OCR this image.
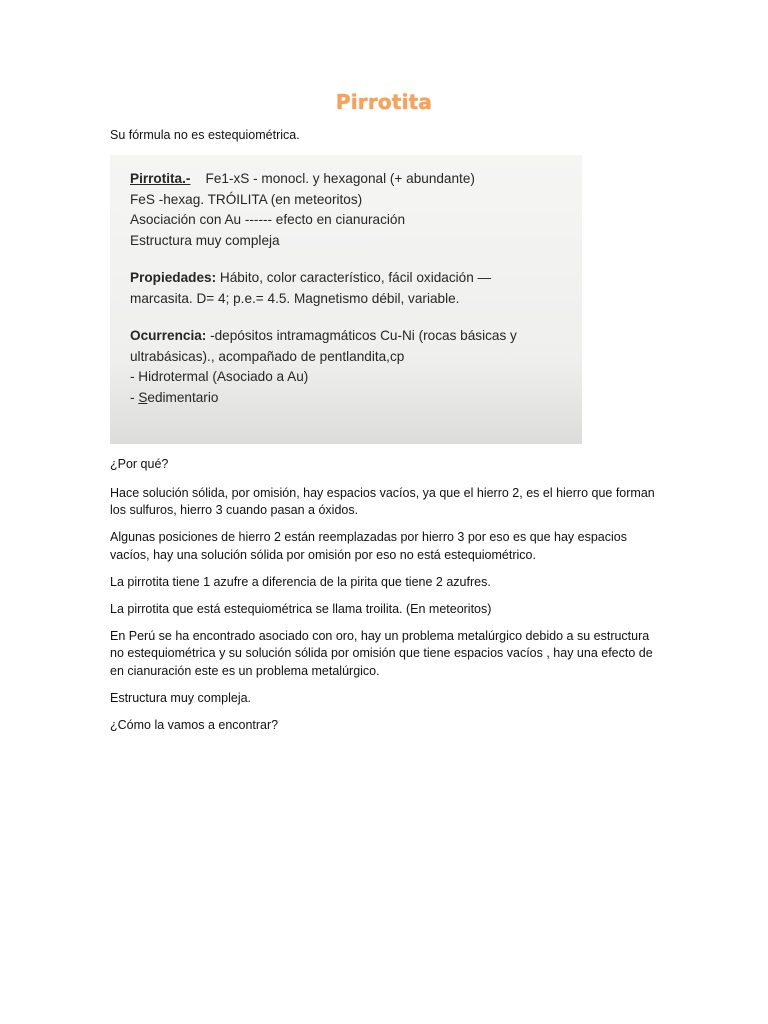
Pirrotita
Su fórmula no es estequiométrica.
Pirrotita.- Fe1-xS - monocl. y hexagonal (+ abundante)
FeS -hexag. TRÓILITA (en meteoritos)
Asociación con Au ------ efecto en cianuración
Estructura muy compleja
Propiedades: Hábito, color característico, fácil oxidación —
marcasita. D= 4; p.e.= 4.5. Magnetismo débil, variable.
Ocurrencia: -depósitos intramagmáticos Cu-Ni (rocas básicas y
ultrabásicas)., acompañado de pentlandita,cp
- Hidrotermal (Asociado a Au)
- Sedimentario

¿Por qué?

Hace solución sólida, por omisión, hay espacios vacíos, ya que el hierro 2, es el hierro que forman los sulfuros, hierro 3 cuando pasan a óxidos.

Algunas posiciones de hierro 2 están reemplazadas por hierro 3 por eso es que hay espacios vacíos, hay una solución sólida por omisión por eso no está estequiométrico.

La pirrotita tiene 1 azufre a diferencia de la pirita que tiene 2 azufres.

La pirrotita que está estequiométrica se llama troilita. (En meteoritos)

En Perú se ha encontrado asociado con oro, hay un problema metalúrgico debido a su estructura no estequiométrica y su solución sólida por omisión que tiene espacios vacíos , hay una efecto de en cianuración este es un problema metalúrgico.

Estructura muy compleja.

¿Cómo la vamos a encontrar?
